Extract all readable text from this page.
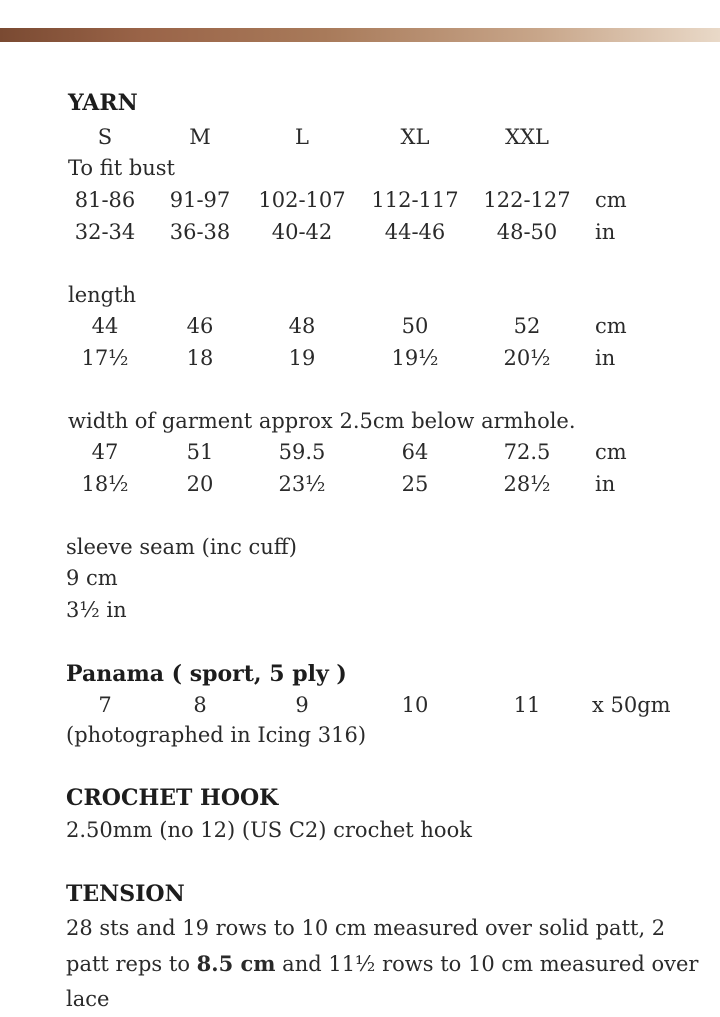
YARN
S	M	L	XL	XXL
To fit bust
81-86 91-97 102-107 112-117 122-127 cm
32-34 36-38 40-42 44-46 48-50 in
length
44	46	48	50	52	cm
17½	18	19	19½	20½ in
width of garment approx 2.5cm below armhole.
47	51	59.5	64	72.5 cm
18½	20	23½	25	28½ in
sleeve seam (inc cuff)
9 cm
3½ in
Panama ( sport, 5 ply )
7	8	9	10	11 x 50gm
(photographed in Icing 316)
CROCHET HOOK
2.50mm (no 12) (US C2) crochet hook
TENSION
28 sts and 19 rows to 10 cm measured over solid patt, 2 patt reps to 8.5 cm and 11½ rows to 10 cm measured over lace
